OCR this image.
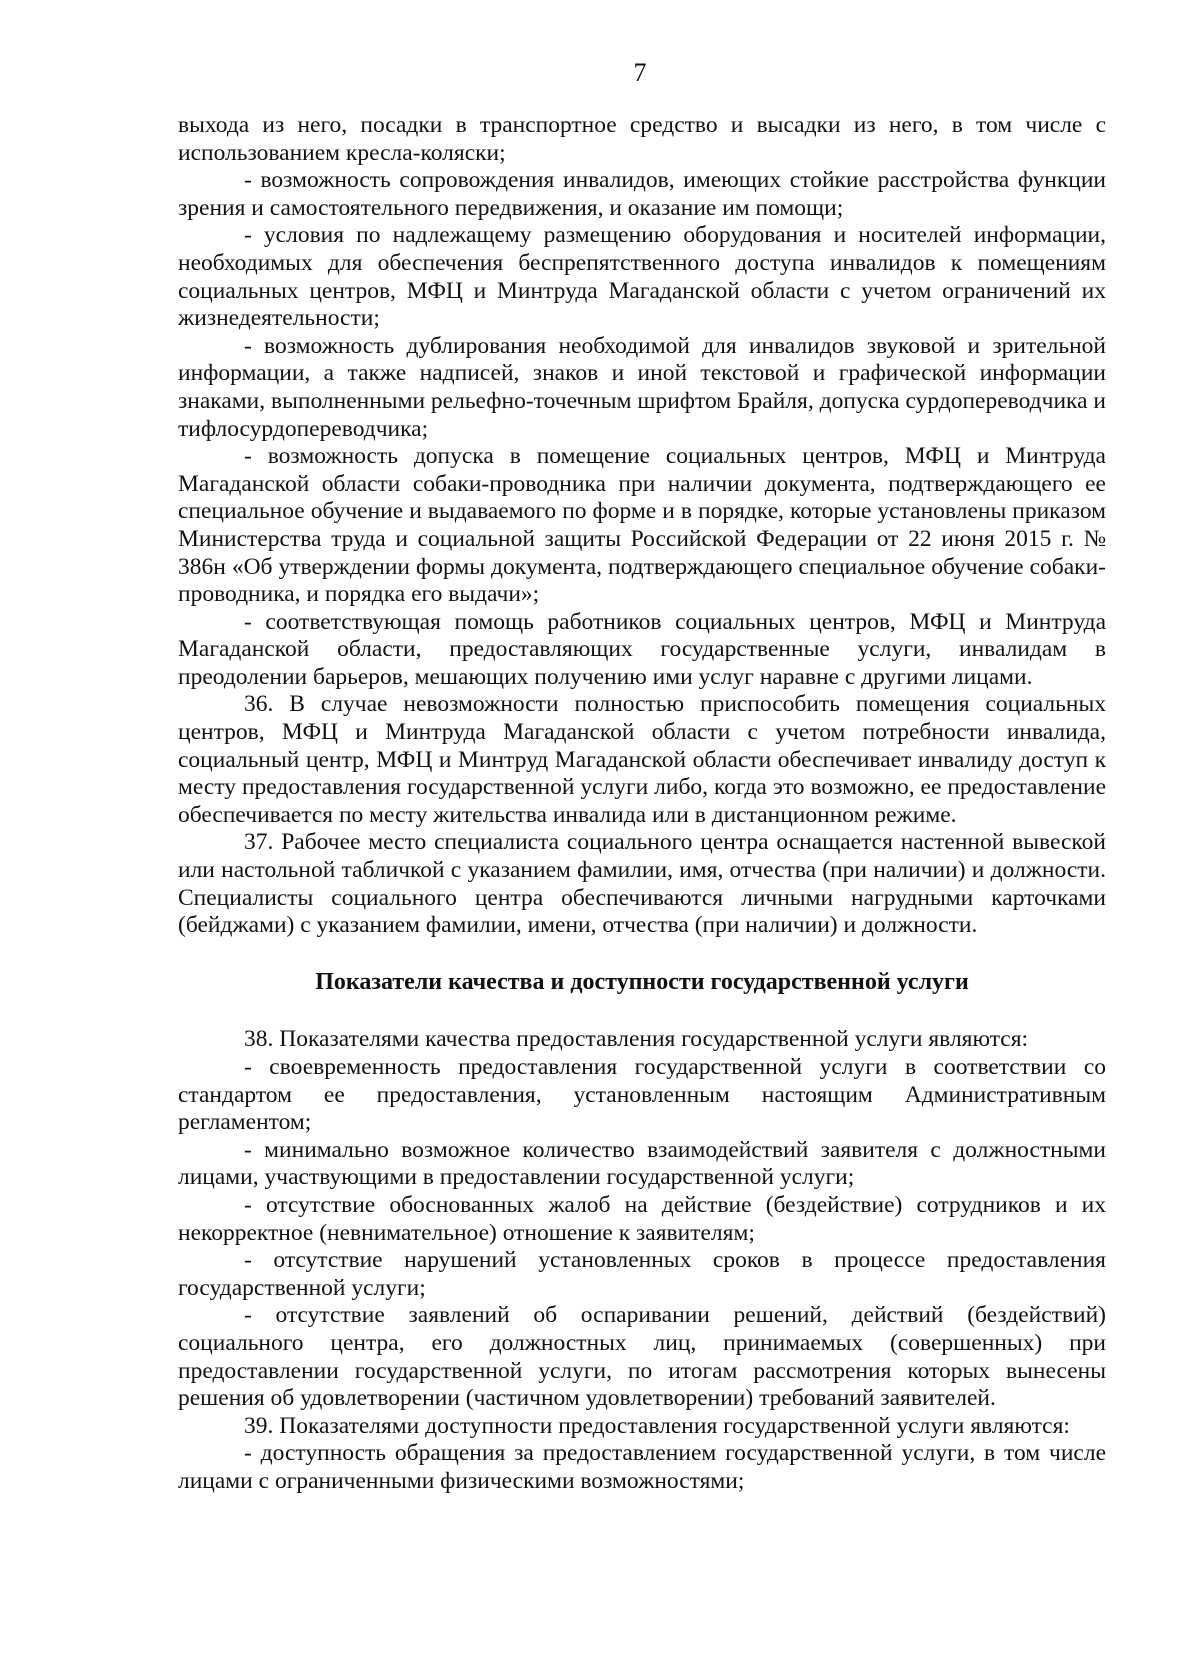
7

выхода из него, посадки в транспортное средство и высадки из него, в том числе с использованием кресла-коляски;

- возможность сопровождения инвалидов, имеющих стойкие расстройства функции зрения и самостоятельного передвижения, и оказание им помощи;

- условия по надлежащему размещению оборудования и носителей информации, необходимых для обеспечения беспрепятственного доступа инвалидов к помещениям социальных центров, МФЦ и Минтруда Магаданской области с учетом ограничений их жизнедеятельности;

- возможность дублирования необходимой для инвалидов звуковой и зрительной информации, а также надписей, знаков и иной текстовой и графической информации знаками, выполненными рельефно-точечным шрифтом Брайля, допуска сурдопереводчика и тифлосурдопереводчика;

- возможность допуска в помещение социальных центров, МФЦ и Минтруда Магаданской области собаки-проводника при наличии документа, подтверждающего ее специальное обучение и выдаваемого по форме и в порядке, которые установлены приказом Министерства труда и социальной защиты Российской Федерации от 22 июня 2015 г. № 386н «Об утверждении формы документа, подтверждающего специальное обучение собаки-проводника, и порядка его выдачи»;

- соответствующая помощь работников социальных центров, МФЦ и Минтруда Магаданской области, предоставляющих государственные услуги, инвалидам в преодолении барьеров, мешающих получению ими услуг наравне с другими лицами.

36. В случае невозможности полностью приспособить помещения социальных центров, МФЦ и Минтруда Магаданской области с учетом потребности инвалида, социальный центр, МФЦ и Минтруд Магаданской области обеспечивает инвалиду доступ к месту предоставления государственной услуги либо, когда это возможно, ее предоставление обеспечивается по месту жительства инвалида или в дистанционном режиме.

37. Рабочее место специалиста социального центра оснащается настенной вывеской или настольной табличкой с указанием фамилии, имя, отчества (при наличии) и должности. Специалисты социального центра обеспечиваются личными нагрудными карточками (бейджами) с указанием фамилии, имени, отчества (при наличии) и должности.

Показатели качества и доступности государственной услуги

38. Показателями качества предоставления государственной услуги являются:

- своевременность предоставления государственной услуги в соответствии со стандартом ее предоставления, установленным настоящим Административным регламентом;

- минимально возможное количество взаимодействий заявителя с должностными лицами, участвующими в предоставлении государственной услуги;

- отсутствие обоснованных жалоб на действие (бездействие) сотрудников и их некорректное (невнимательное) отношение к заявителям;

- отсутствие нарушений установленных сроков в процессе предоставления государственной услуги;

- отсутствие заявлений об оспаривании решений, действий (бездействий) социального центра, его должностных лиц, принимаемых (совершенных) при предоставлении государственной услуги, по итогам рассмотрения которых вынесены решения об удовлетворении (частичном удовлетворении) требований заявителей.

39. Показателями доступности предоставления государственной услуги являются:

- доступность обращения за предоставлением государственной услуги, в том числе лицами с ограниченными физическими возможностями;
